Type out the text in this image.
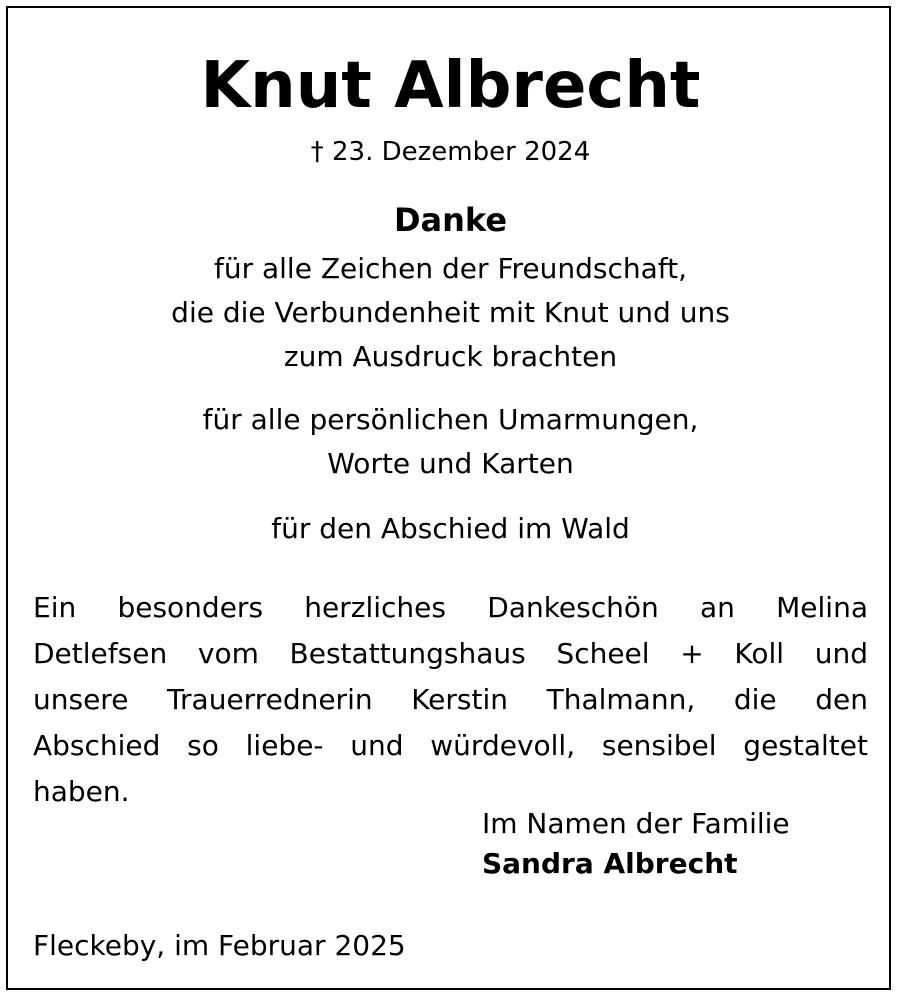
Knut Albrecht
† 23. Dezember 2024
Danke
für alle Zeichen der Freundschaft,
die die Verbundenheit mit Knut und uns
zum Ausdruck brachten
für alle persönlichen Umarmungen,
Worte und Karten
für den Abschied im Wald
Ein besonders herzliches Dankeschön an Melina
Detlefsen vom Bestattungshaus Scheel + Koll und
unsere Trauerrednerin Kerstin Thalmann, die den
Abschied so liebe- und würdevoll, sensibel gestaltet
haben.
Im Namen der Familie
Sandra Albrecht
Fleckeby, im Februar 2025
